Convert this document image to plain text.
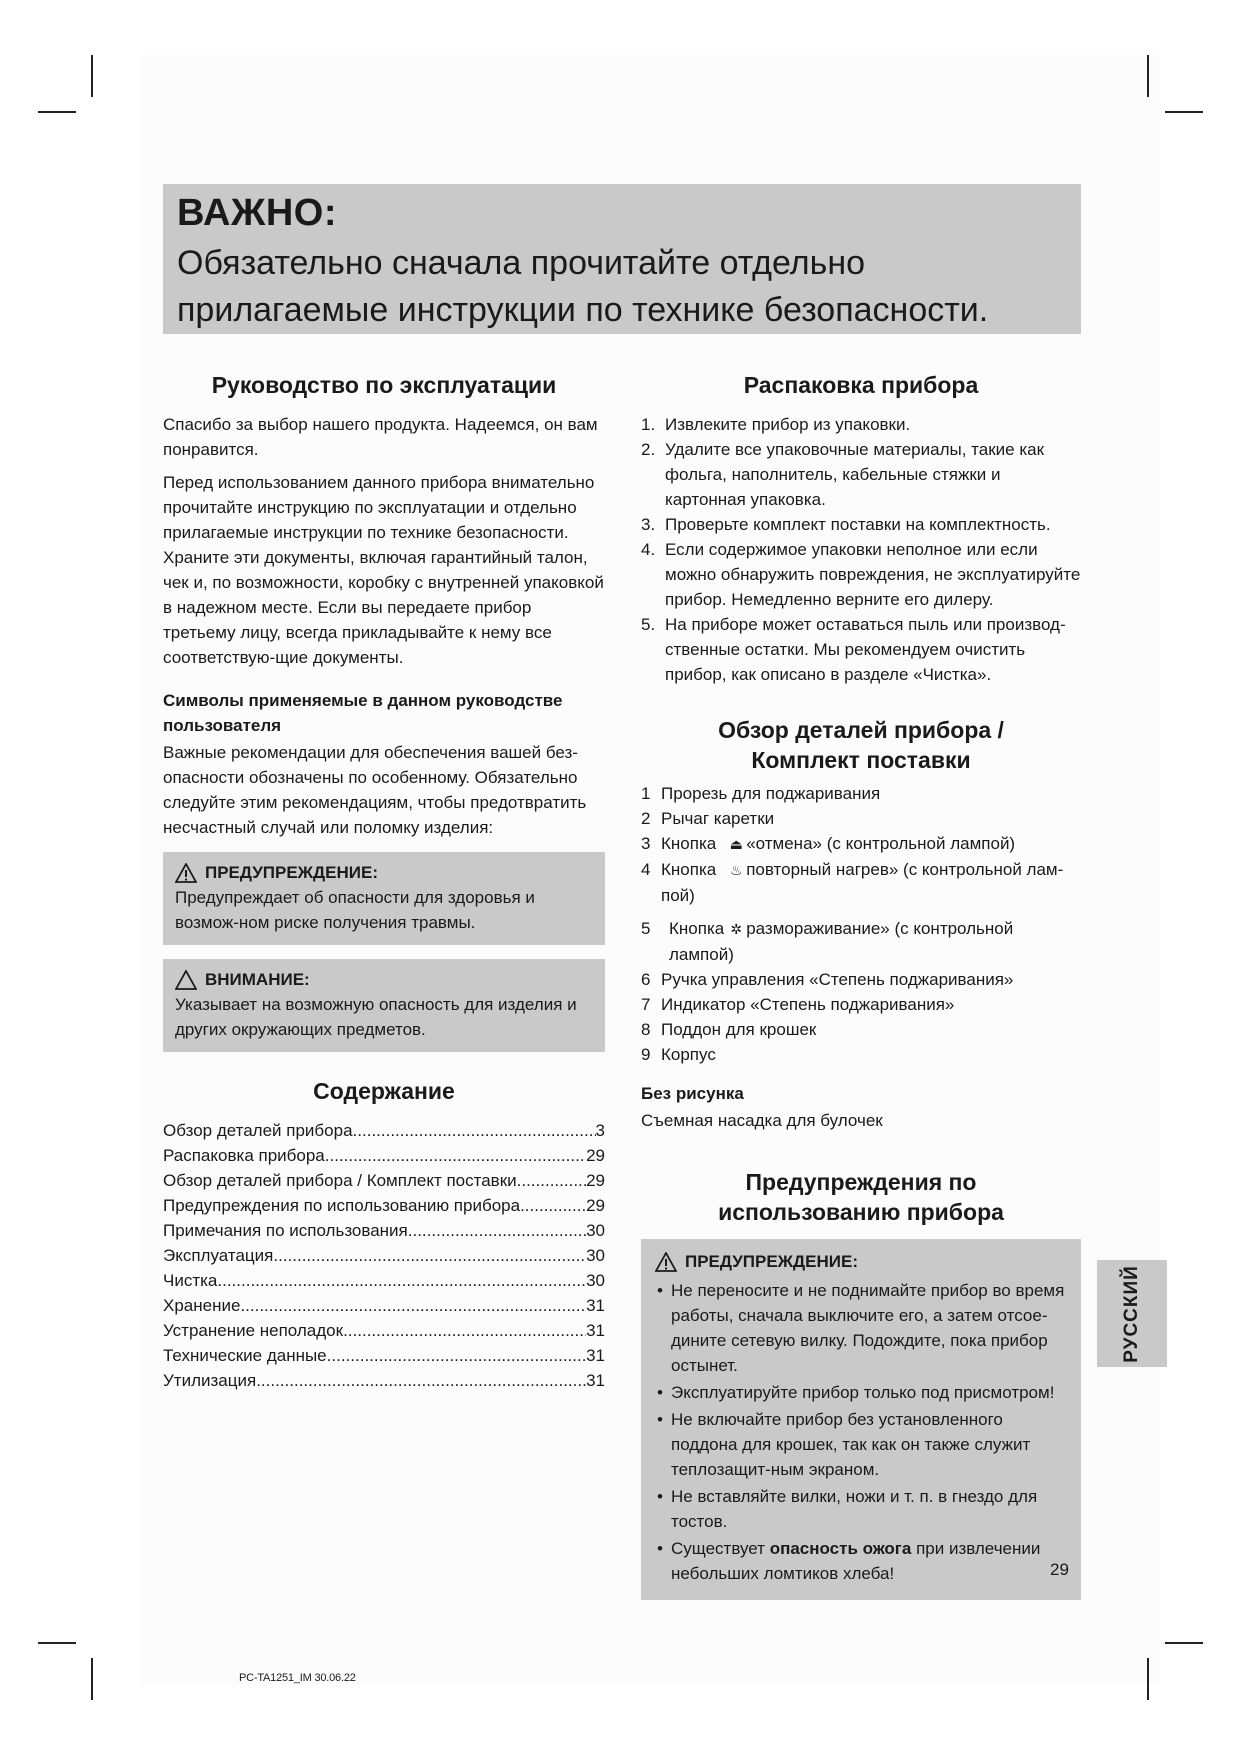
ВАЖНО:
Обязательно сначала прочитайте отдельно прилагаемые инструкции по технике безопасности.
Руководство по эксплуатации

Спасибо за выбор нашего продукта. Надеемся, он вам понравится.

Перед использованием данного прибора внимательно прочитайте инструкцию по эксплуатации и отдельно прилагаемые инструкции по технике безопасности. Храните эти документы, включая гарантийный талон, чек и, по возможности, коробку с внутренней упаковкой в надежном месте. Если вы передаете прибор третьему лицу, всегда прикладывайте к нему все соответствую-щие документы.

Символы применяемые в данном руководстве пользователя

Важные рекомендации для обеспечения вашей без-опасности обозначены по особенному. Обязательно следуйте этим рекомендациям, чтобы предотвратить несчастный случай или поломку изделия:

ПРЕДУПРЕЖДЕНИЕ:
Предупреждает об опасности для здоровья и возмож-ном риске получения травмы.
ВНИМАНИЕ:
Указывает на возможную опасность для изделия и других окружающих предметов.
Содержание
Обзор деталей прибора .....	3
Распаковка прибора .....	29
Обзор деталей прибора / Комплект поставки .....	29
Предупреждения по использованию прибора .....	29
Примечания по использования .....	30
Эксплуатация .....	30
Чистка .....	30
Хранение .....	31
Устранение неполадок .....	31
Технические данные .....	31
Утилизация .....	31
Распаковка прибора
1. Извлеките прибор из упаковки.
2. Удалите все упаковочные материалы, такие как фольга, наполнитель, кабельные стяжки и картонная упаковка.
3. Проверьте комплект поставки на комплектность.
4. Если содержимое упаковки неполное или если можно обнаружить повреждения, не эксплуатируйте прибор. Немедленно верните его дилеру.
5. На приборе может оставаться пыль или производ-ственные остатки. Мы рекомендуем очистить прибор, как описано в разделе «Чистка».
Обзор деталей прибора /
Комплект поставки
1 Прорезь для поджаривания
2 Рычаг каретки
3 Кнопка ⏏ «отмена» (с контрольной лампой)
4 Кнопка ♨ повторный нагрев» (с контрольной лам-пой)
5	Кнопка ✲ размораживание» (с контрольной лампой)
6 Ручка управления «Степень поджаривания»
7 Индикатор «Степень поджаривания»
8 Поддон для крошек
9 Корпус
Без рисунка

Съемная насадка для булочек

Предупреждения по
использованию прибора
ПРЕДУПРЕЖДЕНИЕ:
• Не переносите и не поднимайте прибор во время работы, сначала выключите его, а затем отсое-дините сетевую вилку. Подождите, пока прибор остынет.
• Эксплуатируйте прибор только под присмотром!
• Не включайте прибор без установленного поддона для крошек, так как он также служит теплозащит-ным экраном.
• Не вставляйте вилки, ножи и т. п. в гнездо для тостов.
• Существует опасность ожога при извлечении небольших ломтиков хлеба!
РУССКИЙ
29
PC-TA1251_IM 30.06.22
